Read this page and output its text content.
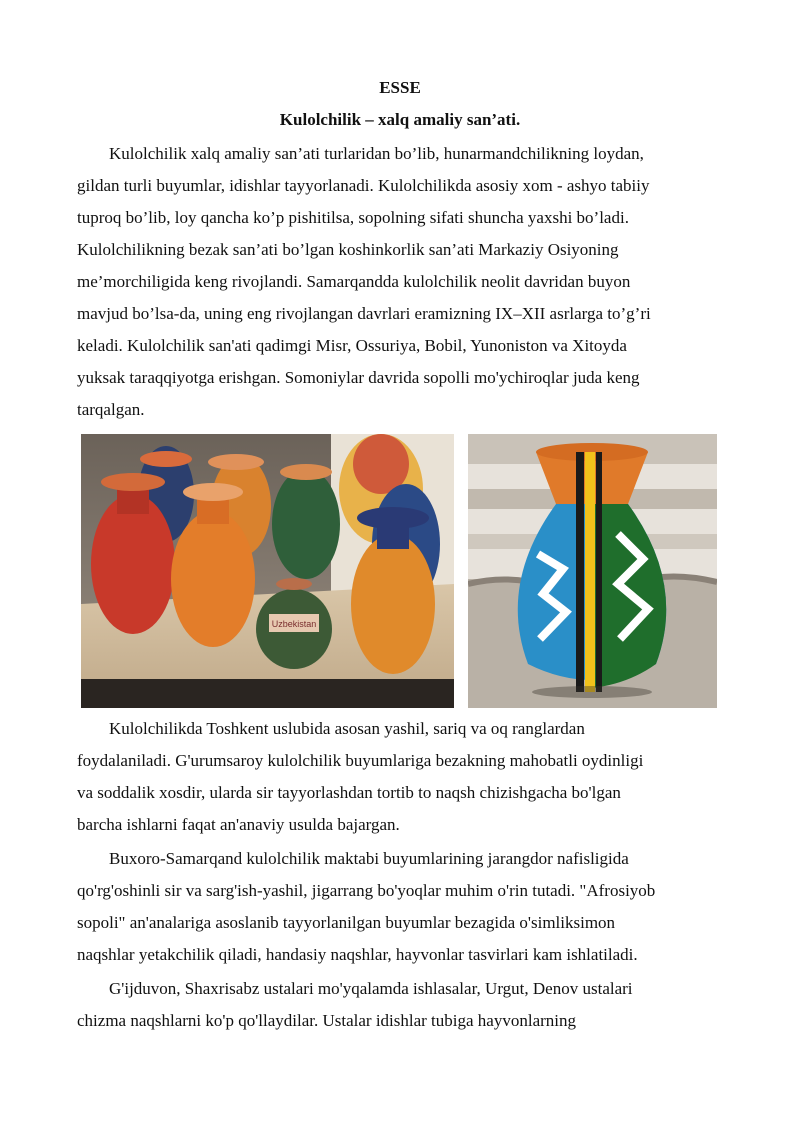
ESSE
Kulolchilik – xalq amaliy san’ati.
Kulolchilik xalq amaliy san’ati turlaridan bo’lib, hunarmandchilikning loydan,
gildan turli buyumlar, idishlar tayyorlanadi. Kulolchilikda asosiy xom - ashyo tabiiy
tuproq bo’lib, loy qancha ko’p pishitilsa, sopolning sifati shuncha yaxshi bo’ladi.
Kulolchilikning bezak san’ati bo’lgan koshinkorlik san’ati Markaziy Osiyoning
me’morchiligida keng rivojlandi. Samarqandda kulolchilik neolit davridan buyon
mavjud bo’lsa-da, uning eng rivojlangan davrlari eramizning IX–XII asrlarga to’g’ri
keladi. Kulolchilik san'ati qadimgi Misr, Ossuriya, Bobil, Yunoniston va Xitoyda
yuksak taraqqiyotga erishgan. Somoniylar davrida sopolli mo'ychiroqlar juda keng
tarqalgan.
Uzbekistan
Kulolchilikda Toshkent uslubida asosan yashil, sariq va oq ranglardan
foydalaniladi. G'urumsaroy kulolchilik buyumlariga bezakning mahobatli oydinligi
va soddalik xosdir, ularda sir tayyorlashdan tortib to naqsh chizishgacha bo'lgan
barcha ishlarni faqat an'anaviy usulda bajargan.
Buxoro-Samarqand kulolchilik maktabi buyumlarining jarangdor nafisligida
qo'rg'oshinli sir va sarg'ish-yashil, jigarrang bo'yoqlar muhim o'rin tutadi. "Afrosiyob
sopoli" an'analariga asoslanib tayyorlanilgan buyumlar bezagida o'simliksimon
naqshlar yetakchilik qiladi, handasiy naqshlar, hayvonlar tasvirlari kam ishlatiladi.
G'ijduvon, Shaxrisabz ustalari mo'yqalamda ishlasalar, Urgut, Denov ustalari
chizma naqshlarni ko'p qo'llaydilar. Ustalar idishlar tubiga hayvonlarning
